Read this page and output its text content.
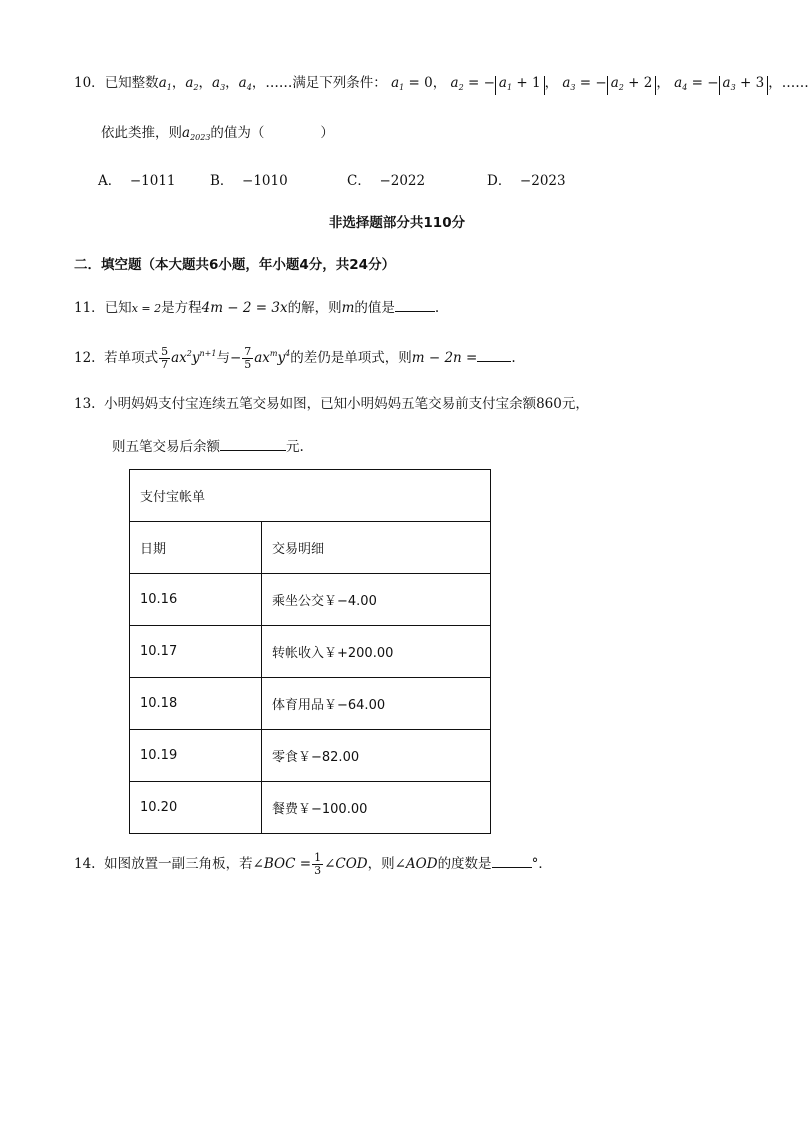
10．已知整数$a_1$，$a_2$，$a_3$，$a_4$，……满足下列条件： $a_1 = 0$， $a_2$ = − $a_1 + 1$ ， $a_3$ = − $a_2 + 2$ ， $a_4$ = − $a_3 + 3$ ，……
依此类推，则$a_{2023}$的值为（	）
A． −1011	B． −1010	C． −2022	D． −2023
非选择题部分共110分
二．填空题（本大题共6小题，年小题4分，共24分）
11．已知x = 2是方程4m − 2 = 3x的解，则m的值是	.
12. 若单项式 $\frac{5}{7} ax^2y^{n+1}$与− $\frac{7}{5} ax^my^4$的差仍是单项式，则m − 2n =	.
13. 小明妈妈支付宝连续五笔交易如图，已知小明妈妈五笔交易前支付宝余额860元，
则五笔交易后余额	元.
支付宝帐单	
日期	交易明细
10.16	乘坐公交￥−4.00
10.17	转帐收入￥+200.00
10.18	体育用品￥−64.00
10.19	零食￥−82.00
10.20	餐费￥−100.00
14. 如图放置一副三角板，若∠BOC = $\frac{1}{3}$ ∠COD，则∠AOD的度数是	°．
